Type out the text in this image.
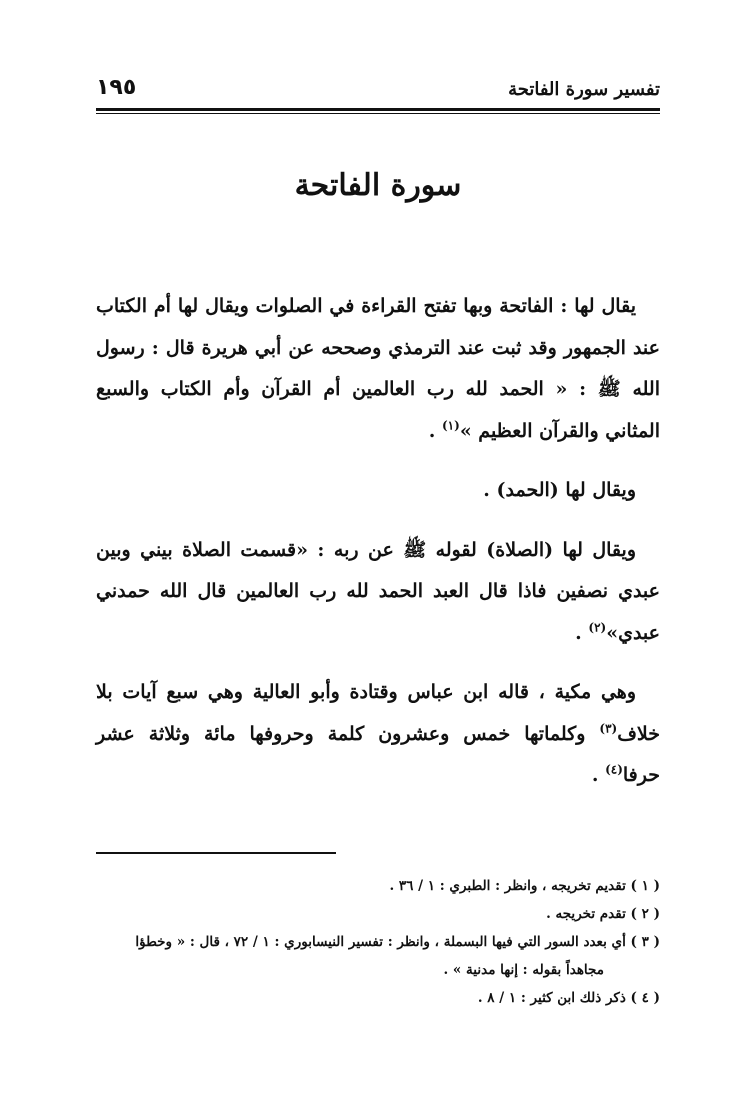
تفسير سورة الفاتحة
١٩٥
سورة الفاتحة

يقال لها : الفاتحة وبها تفتح القراءة في الصلوات ويقال لها أم الكتاب عند الجمهور وقد ثبت عند الترمذي وصححه عن أبي هريرة قال : رسول الله ﷺ : « الحمد لله رب العالمين أم القرآن وأم الكتاب والسبع المثاني والقرآن العظيم »$^{(١)}$ .

ويقال لها (الحمد) .

ويقال لها (الصلاة) لقوله ﷺ عن ربه : «قسمت الصلاة بيني وبين عبدي نصفين فاذا قال العبد الحمد لله رب العالمين قال الله حمدني عبدي»$^{(٢)}$ .

وهي مكية ، قاله ابن عباس وقتادة وأبو العالية وهي سبع آيات بلا خلاف$^{(٣)}$ وكلماتها خمس وعشرون كلمة وحروفها مائة وثلاثة عشر حرفا$^{(٤)}$ .

( ١ ) تقديم تخريجه ، وانظر : الطبري : ١ / ٣٦ .

( ٢ ) تقدم تخريجه .

( ٣ ) أي بعدد السور التي فيها البسملة ، وانظر : تفسير النيسابوري : ١ / ٧٢ ، قال : « وخطؤا

مجاهداً بقوله : إنها مدنية » .

( ٤ ) ذكر ذلك ابن كثير : ١ / ٨ .
